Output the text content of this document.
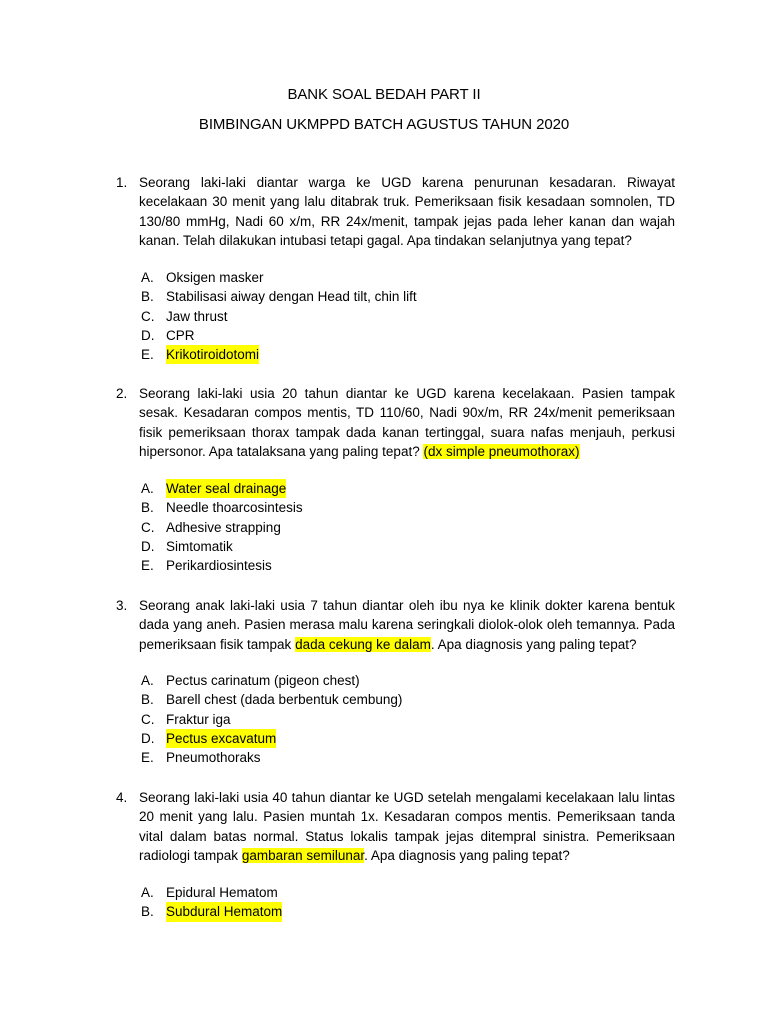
BANK SOAL BEDAH PART II
BIMBINGAN UKMPPD BATCH AGUSTUS TAHUN 2020
1. Seorang laki-laki diantar warga ke UGD karena penurunan kesadaran. Riwayat kecelakaan 30 menit yang lalu ditabrak truk. Pemeriksaan fisik kesadaan somnolen, TD 130/80 mmHg, Nadi 60 x/m, RR 24x/menit, tampak jejas pada leher kanan dan wajah kanan. Telah dilakukan intubasi tetapi gagal. Apa tindakan selanjutnya yang tepat?
A. Oksigen masker
B. Stabilisasi aiway dengan Head tilt, chin lift
C. Jaw thrust
D. CPR
E. Krikotiroidotomi
2. Seorang laki-laki usia 20 tahun diantar ke UGD karena kecelakaan. Pasien tampak sesak. Kesadaran compos mentis, TD 110/60, Nadi 90x/m, RR 24x/menit pemeriksaan fisik pemeriksaan thorax tampak dada kanan tertinggal, suara nafas menjauh, perkusi hipersonor. Apa tatalaksana yang paling tepat? (dx simple pneumothorax)
A. Water seal drainage
B. Needle thoarcosintesis
C. Adhesive strapping
D. Simtomatik
E. Perikardiosintesis
3. Seorang anak laki-laki usia 7 tahun diantar oleh ibu nya ke klinik dokter karena bentuk dada yang aneh. Pasien merasa malu karena seringkali diolok-olok oleh temannya. Pada pemeriksaan fisik tampak dada cekung ke dalam. Apa diagnosis yang paling tepat?
A. Pectus carinatum (pigeon chest)
B. Barell chest (dada berbentuk cembung)
C. Fraktur iga
D. Pectus excavatum
E. Pneumothoraks
4. Seorang laki-laki usia 40 tahun diantar ke UGD setelah mengalami kecelakaan lalu lintas 20 menit yang lalu. Pasien muntah 1x. Kesadaran compos mentis. Pemeriksaan tanda vital dalam batas normal. Status lokalis tampak jejas ditempral sinistra. Pemeriksaan radiologi tampak gambaran semilunar. Apa diagnosis yang paling tepat?
A. Epidural Hematom
B. Subdural Hematom
